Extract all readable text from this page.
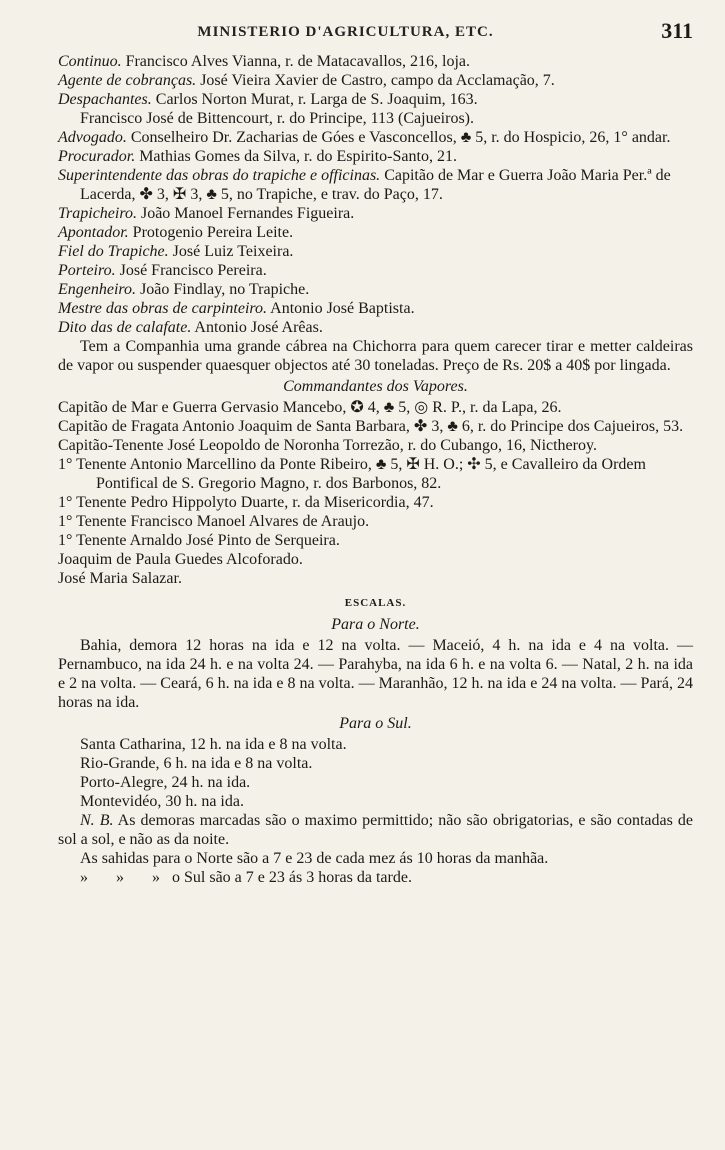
MINISTERIO D'AGRICULTURA, ETC.	311

Continuo. Francisco Alves Vianna, r. de Matacavallos, 216, loja.

Agente de cobranças. José Vieira Xavier de Castro, campo da Acclamação, 7.

Despachantes. Carlos Norton Murat, r. Larga de S. Joaquim, 163.

Francisco José de Bittencourt, r. do Principe, 113 (Cajueiros).

Advogado. Conselheiro Dr. Zacharias de Góes e Vasconcellos, ♣ 5, r. do Hospicio, 26, 1° andar.

Procurador. Mathias Gomes da Silva, r. do Espirito-Santo, 21.

Superintendente das obras do trapiche e officinas. Capitão de Mar e Guerra João Maria Per.ª de Lacerda, ✤ 3, ✠ 3, ♣ 5, no Trapiche, e trav. do Paço, 17.

Trapicheiro. João Manoel Fernandes Figueira.

Apontador. Protogenio Pereira Leite.

Fiel do Trapiche. José Luiz Teixeira.

Porteiro. José Francisco Pereira.

Engenheiro. João Findlay, no Trapiche.

Mestre das obras de carpinteiro. Antonio José Baptista.

Dito das de calafate. Antonio José Arêas.

Tem a Companhia uma grande cábrea na Chichorra para quem carecer tirar e metter caldeiras de vapor ou suspender quaesquer objectos até 30 toneladas. Preço de Rs. 20$ a 40$ por lingada.

Commandantes dos Vapores.

Capitão de Mar e Guerra Gervasio Mancebo, ✪ 4, ♣ 5, ◎ R. P., r. da Lapa, 26.

Capitão de Fragata Antonio Joaquim de Santa Barbara, ✤ 3, ♣ 6, r. do Principe dos Cajueiros, 53.

Capitão-Tenente José Leopoldo de Noronha Torrezão, r. do Cubango, 16, Nictheroy.

1° Tenente Antonio Marcellino da Ponte Ribeiro, ♣ 5, ✠ H. O.; ✣ 5, e Cavalleiro da Ordem Pontifical de S. Gregorio Magno, r. dos Barbonos, 82.

1° Tenente Pedro Hippolyto Duarte, r. da Misericordia, 47.

1° Tenente Francisco Manoel Alvares de Araujo.

1° Tenente Arnaldo José Pinto de Serqueira.

Joaquim de Paula Guedes Alcoforado.

José Maria Salazar.

ESCALAS.
Para o Norte.

Bahia, demora 12 horas na ida e 12 na volta. — Maceió, 4 h. na ida e 4 na volta. — Pernambuco, na ida 24 h. e na volta 24. — Parahyba, na ida 6 h. e na volta 6. — Natal, 2 h. na ida e 2 na volta. — Ceará, 6 h. na ida e 8 na volta. — Maranhão, 12 h. na ida e 24 na volta. — Pará, 24 horas na ida.

Para o Sul.

Santa Catharina, 12 h. na ida e 8 na volta.

Rio-Grande, 6 h. na ida e 8 na volta.

Porto-Alegre, 24 h. na ida.

Montevidéo, 30 h. na ida.

N. B. As demoras marcadas são o maximo permittido; não são obrigatorias, e são contadas de sol a sol, e não as da noite.

As sahidas para o Norte são a 7 e 23 de cada mez ás 10 horas da manhãa.

»       »       »   o Sul são a 7 e 23 ás 3 horas da tarde.
